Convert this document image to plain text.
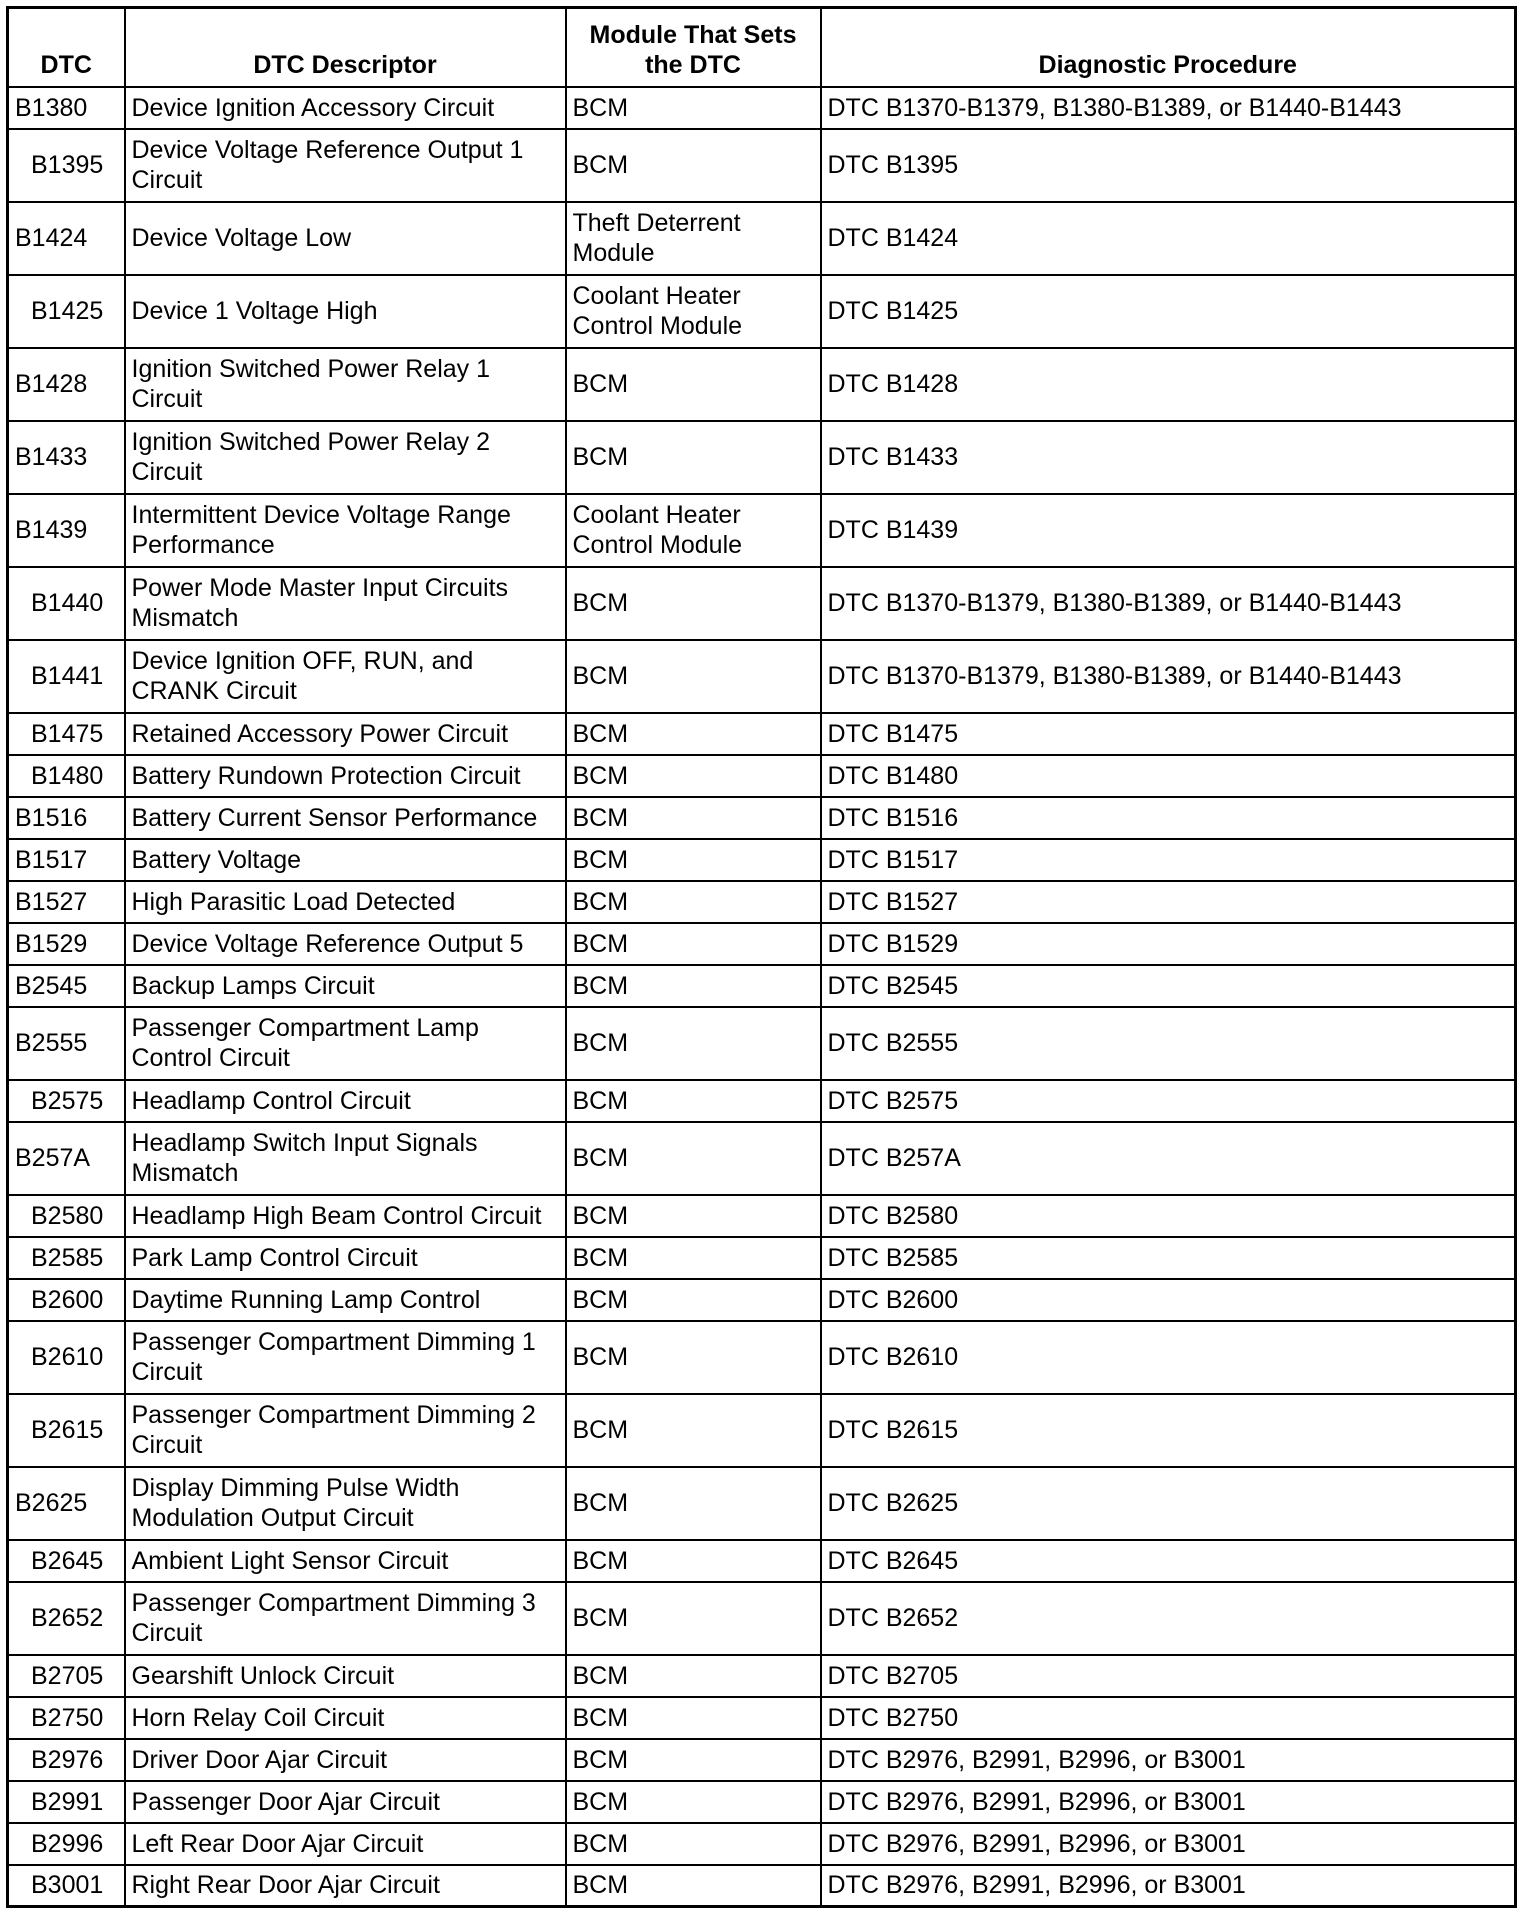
DTC	DTC Descriptor	Module That Sets the DTC	Diagnostic Procedure
B1380	Device Ignition Accessory Circuit	BCM	DTC B1370-B1379, B1380-B1389, or B1440-B1443
B1395	Device Voltage Reference Output 1 Circuit	BCM	DTC B1395
B1424	Device Voltage Low	Theft Deterrent Module	DTC B1424
B1425	Device 1 Voltage High	Coolant Heater Control Module	DTC B1425
B1428	Ignition Switched Power Relay 1 Circuit	BCM	DTC B1428
B1433	Ignition Switched Power Relay 2 Circuit	BCM	DTC B1433
B1439	Intermittent Device Voltage Range Performance	Coolant Heater Control Module	DTC B1439
B1440	Power Mode Master Input Circuits Mismatch	BCM	DTC B1370-B1379, B1380-B1389, or B1440-B1443
B1441	Device Ignition OFF, RUN, and CRANK Circuit	BCM	DTC B1370-B1379, B1380-B1389, or B1440-B1443
B1475	Retained Accessory Power Circuit	BCM	DTC B1475
B1480	Battery Rundown Protection Circuit	BCM	DTC B1480
B1516	Battery Current Sensor Performance	BCM	DTC B1516
B1517	Battery Voltage	BCM	DTC B1517
B1527	High Parasitic Load Detected	BCM	DTC B1527
B1529	Device Voltage Reference Output 5	BCM	DTC B1529
B2545	Backup Lamps Circuit	BCM	DTC B2545
B2555	Passenger Compartment Lamp Control Circuit	BCM	DTC B2555
B2575	Headlamp Control Circuit	BCM	DTC B2575
B257A	Headlamp Switch Input Signals Mismatch	BCM	DTC B257A
B2580	Headlamp High Beam Control Circuit	BCM	DTC B2580
B2585	Park Lamp Control Circuit	BCM	DTC B2585
B2600	Daytime Running Lamp Control	BCM	DTC B2600
B2610	Passenger Compartment Dimming 1 Circuit	BCM	DTC B2610
B2615	Passenger Compartment Dimming 2 Circuit	BCM	DTC B2615
B2625	Display Dimming Pulse Width Modulation Output Circuit	BCM	DTC B2625
B2645	Ambient Light Sensor Circuit	BCM	DTC B2645
B2652	Passenger Compartment Dimming 3 Circuit	BCM	DTC B2652
B2705	Gearshift Unlock Circuit	BCM	DTC B2705
B2750	Horn Relay Coil Circuit	BCM	DTC B2750
B2976	Driver Door Ajar Circuit	BCM	DTC B2976, B2991, B2996, or B3001
B2991	Passenger Door Ajar Circuit	BCM	DTC B2976, B2991, B2996, or B3001
B2996	Left Rear Door Ajar Circuit	BCM	DTC B2976, B2991, B2996, or B3001
B3001	Right Rear Door Ajar Circuit	BCM	DTC B2976, B2991, B2996, or B3001
